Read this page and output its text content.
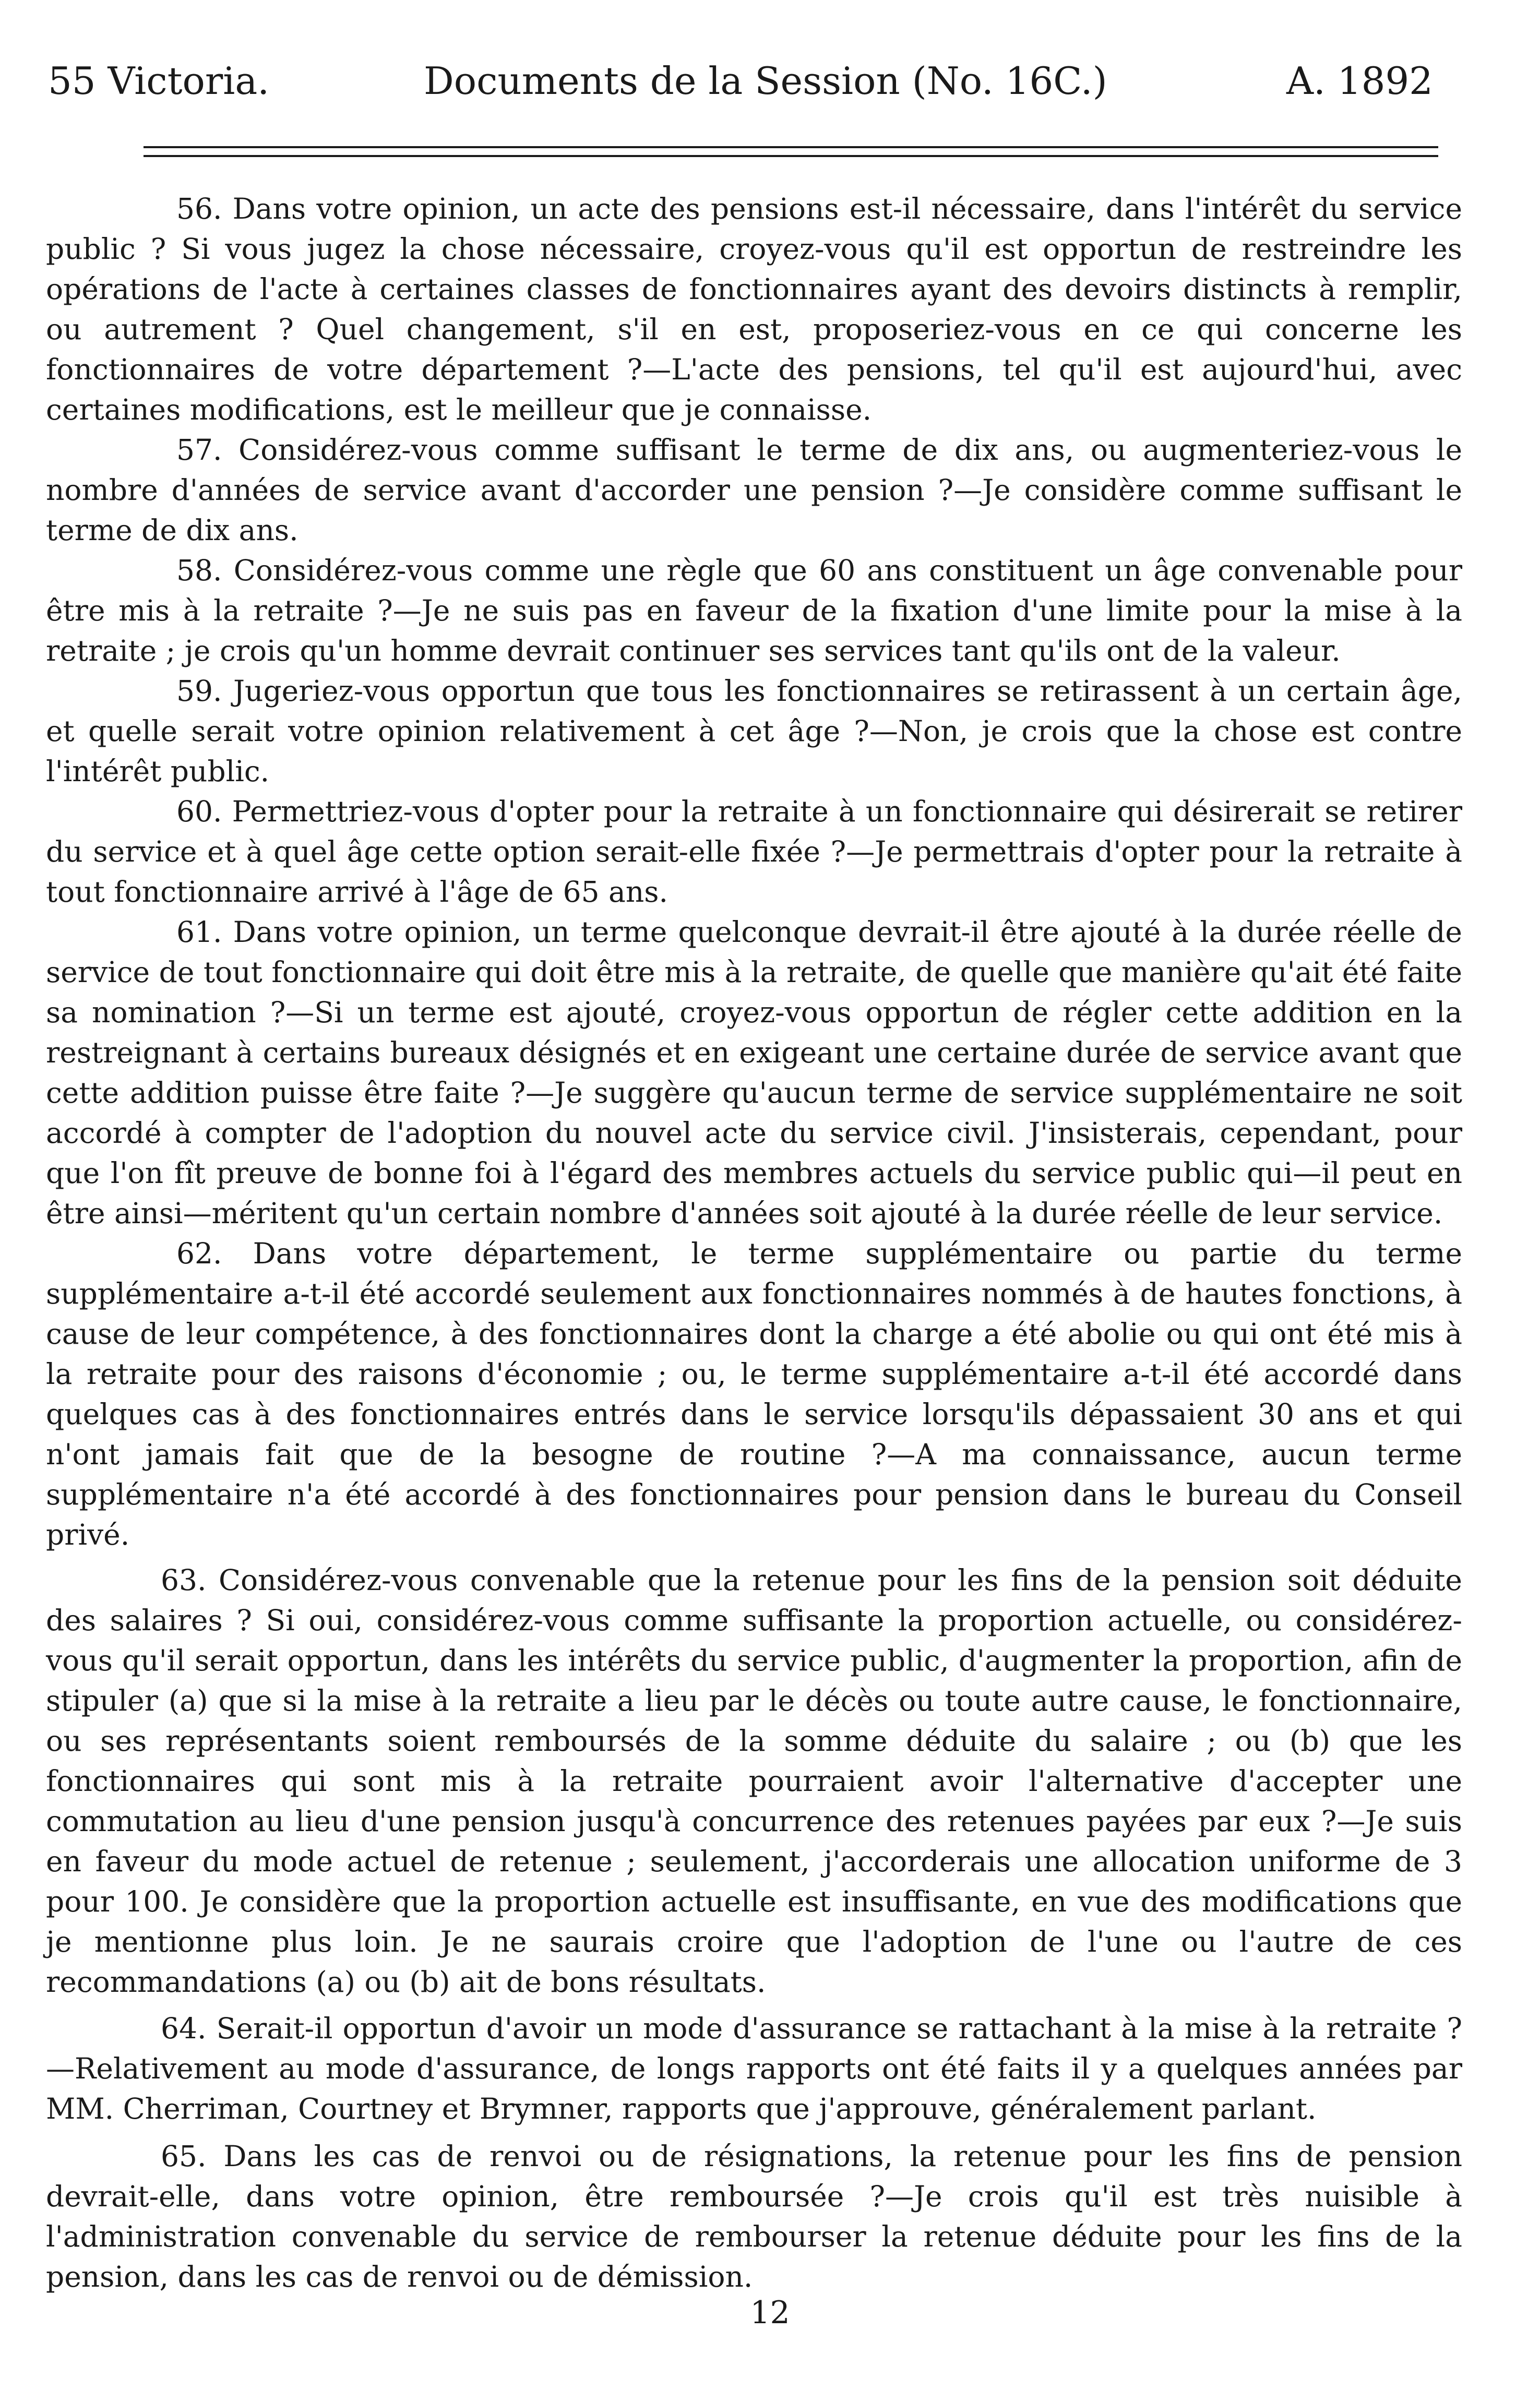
55 Victoria.	Documents de la Session (No. 16C.)	A. 1892

56. Dans votre opinion, un acte des pensions est-il nécessaire, dans l'intérêt du service public ? Si vous jugez la chose nécessaire, croyez-vous qu'il est opportun de restreindre les opérations de l'acte à certaines classes de fonctionnaires ayant des devoirs distincts à remplir, ou autrement ? Quel changement, s'il en est, proposeriez-vous en ce qui concerne les fonctionnaires de votre département ?—L'acte des pensions, tel qu'il est aujourd'hui, avec certaines modifications, est le meilleur que je connaisse.

57. Considérez-vous comme suffisant le terme de dix ans, ou augmenteriez-vous le nombre d'années de service avant d'accorder une pension ?—Je considère comme suffisant le terme de dix ans.

58. Considérez-vous comme une règle que 60 ans constituent un âge convenable pour être mis à la retraite ?—Je ne suis pas en faveur de la fixation d'une limite pour la mise à la retraite ; je crois qu'un homme devrait continuer ses services tant qu'ils ont de la valeur.

59. Jugeriez-vous opportun que tous les fonctionnaires se retirassent à un certain âge, et quelle serait votre opinion relativement à cet âge ?—Non, je crois que la chose est contre l'intérêt public.

60. Permettriez-vous d'opter pour la retraite à un fonctionnaire qui désirerait se retirer du service et à quel âge cette option serait-elle fixée ?—Je permettrais d'opter pour la retraite à tout fonctionnaire arrivé à l'âge de 65 ans.

61. Dans votre opinion, un terme quelconque devrait-il être ajouté à la durée réelle de service de tout fonctionnaire qui doit être mis à la retraite, de quelle que manière qu'ait été faite sa nomination ?—Si un terme est ajouté, croyez-vous opportun de régler cette addition en la restreignant à certains bureaux désignés et en exigeant une certaine durée de service avant que cette addition puisse être faite ?—Je suggère qu'aucun terme de service supplémentaire ne soit accordé à compter de l'adoption du nouvel acte du service civil. J'insisterais, cependant, pour que l'on fît preuve de bonne foi à l'égard des membres actuels du service public qui—il peut en être ainsi—méritent qu'un certain nombre d'années soit ajouté à la durée réelle de leur service.

62. Dans votre département, le terme supplémentaire ou partie du terme supplémentaire a-t-il été accordé seulement aux fonctionnaires nommés à de hautes fonctions, à cause de leur compétence, à des fonctionnaires dont la charge a été abolie ou qui ont été mis à la retraite pour des raisons d'économie ; ou, le terme supplémentaire a-t-il été accordé dans quelques cas à des fonctionnaires entrés dans le service lorsqu'ils dépassaient 30 ans et qui n'ont jamais fait que de la besogne de routine ?—A ma connaissance, aucun terme supplémentaire n'a été accordé à des fonctionnaires pour pension dans le bureau du Conseil privé.

63. Considérez-vous convenable que la retenue pour les fins de la pension soit déduite des salaires ? Si oui, considérez-vous comme suffisante la proportion actuelle, ou considérez-vous qu'il serait opportun, dans les intérêts du service public, d'augmenter la proportion, afin de stipuler (a) que si la mise à la retraite a lieu par le décès ou toute autre cause, le fonctionnaire, ou ses représentants soient remboursés de la somme déduite du salaire ; ou (b) que les fonctionnaires qui sont mis à la retraite pourraient avoir l'alternative d'accepter une commutation au lieu d'une pension jusqu'à concurrence des retenues payées par eux ?—Je suis en faveur du mode actuel de retenue ; seulement, j'accorderais une allocation uniforme de 3 pour 100. Je considère que la proportion actuelle est insuffisante, en vue des modifications que je mentionne plus loin. Je ne saurais croire que l'adoption de l'une ou l'autre de ces recommandations (a) ou (b) ait de bons résultats.

64. Serait-il opportun d'avoir un mode d'assurance se rattachant à la mise à la retraite ?—Relativement au mode d'assurance, de longs rapports ont été faits il y a quelques années par MM. Cherriman, Courtney et Brymner, rapports que j'approuve, généralement parlant.

65. Dans les cas de renvoi ou de résignations, la retenue pour les fins de pension devrait-elle, dans votre opinion, être remboursée ?—Je crois qu'il est très nuisible à l'administration convenable du service de rembourser la retenue déduite pour les fins de la pension, dans les cas de renvoi ou de démission.

12
